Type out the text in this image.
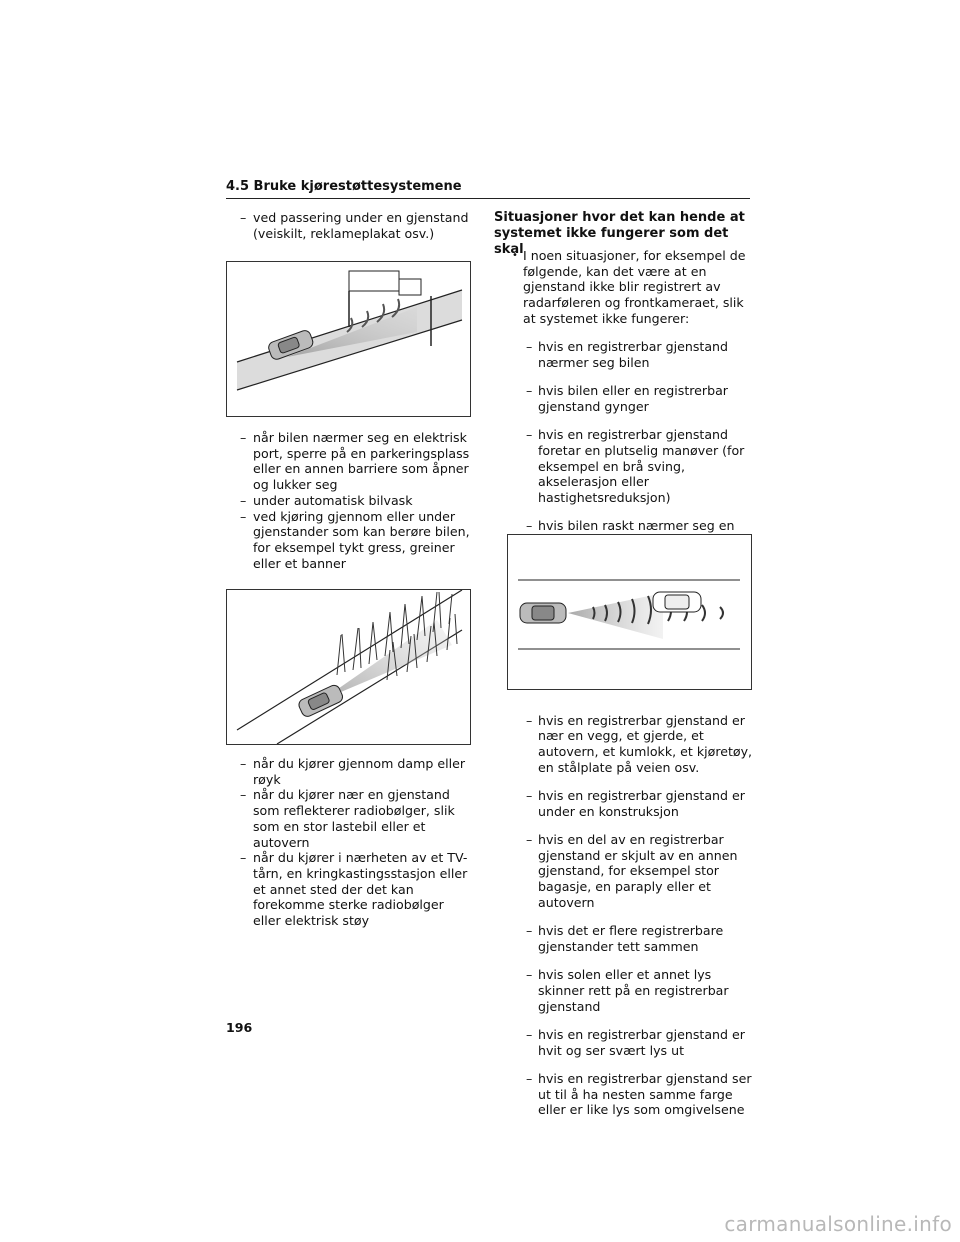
4.5 Bruke kjørestøttesystemene

– ved passering under en gjenstand (veiskilt, reklameplakat osv.)

– når bilen nærmer seg en elektrisk port, sperre på en parkeringsplass eller en annen barriere som åpner og lukker seg

– under automatisk bilvask

– ved kjøring gjennom eller under gjenstander som kan berøre bilen, for eksempel tykt gress, greiner eller et banner

– når du kjører gjennom damp eller røyk

– når du kjører nær en gjenstand som reflekterer radiobølger, slik som en stor lastebil eller et autovern

– når du kjører i nærheten av et TV-tårn, en kringkastingsstasjon eller et annet sted der det kan forekomme sterke radiobølger eller elektrisk støy

Situasjoner hvor det kan hende at systemet ikke fungerer som det skal

• I noen situasjoner, for eksempel de følgende, kan det være at en gjenstand ikke blir registrert av radarføleren og frontkameraet, slik at systemet ikke fungerer:

– hvis en registrerbar gjenstand nærmer seg bilen

– hvis bilen eller en registrerbar gjenstand gynger

– hvis en registrerbar gjenstand foretar en plutselig manøver (for eksempel en brå sving, akselerasjon eller hastighetsreduksjon)

– hvis bilen raskt nærmer seg en

–

– hvis en registrerbar gjenstand er nær en vegg, et gjerde, et autovern, et kumlokk, et kjøretøy, en stålplate på veien osv.

– hvis en registrerbar gjenstand er under en konstruksjon

– hvis en del av en registrerbar gjenstand er skjult av en annen gjenstand, for eksempel stor bagasje, en paraply eller et autovern

– hvis det er flere registrerbare gjenstander tett sammen

– hvis solen eller et annet lys skinner rett på en registrerbar gjenstand

– hvis en registrerbar gjenstand er hvit og ser svært lys ut

– hvis en registrerbar gjenstand ser ut til å ha nesten samme farge eller er like lys som omgivelsene

196
carmanualsonline.info
